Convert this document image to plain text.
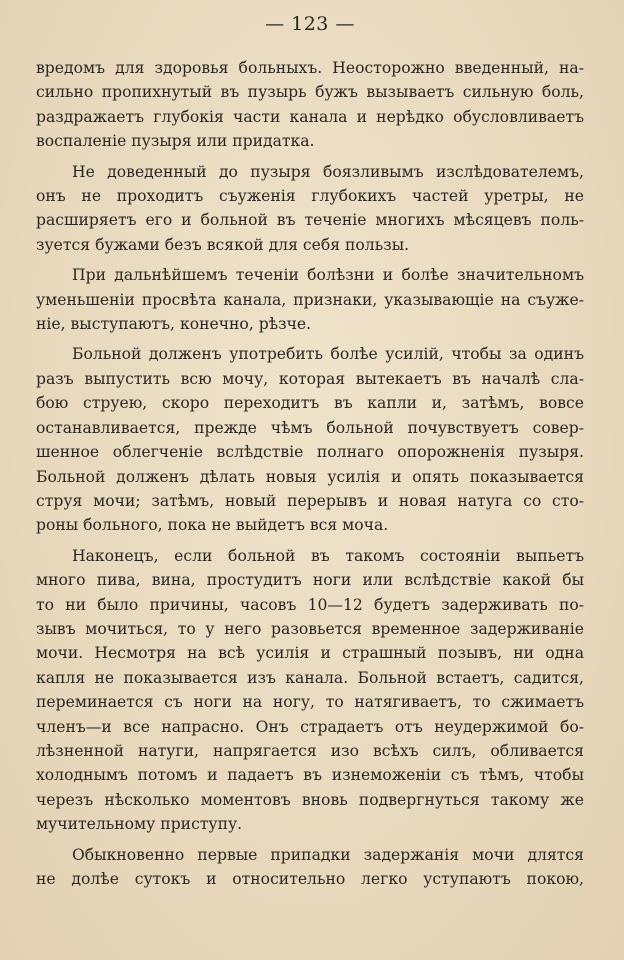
— 123 —
вредомъ для здоровья больныхъ. Неосторожно введенный, на-
сильно пропихнутый въ пузырь бужъ вызываетъ сильную боль,
раздражаетъ глубокія части канала и нерѣдко обусловливаетъ
воспаленіе пузыря или придатка.
Не доведенный до пузыря боязливымъ изслѣдователемъ,
онъ не проходитъ съуженія глубокихъ частей уретры, не
расширяетъ его и больной въ теченіе многихъ мѣсяцевъ поль-
зуется бужами безъ всякой для себя пользы.
При дальнѣйшемъ теченіи болѣзни и болѣе значительномъ
уменьшеніи просвѣта канала, признаки, указывающіе на съуже-
ніе, выступаютъ, конечно, рѣзче.
Больной долженъ употребить болѣе усилій, чтобы за одинъ
разъ выпустить всю мочу, которая вытекаетъ въ началѣ сла-
бою струею, скоро переходитъ въ капли и, затѣмъ, вовсе
останавливается, прежде чѣмъ больной почувствуетъ совер-
шенное облегченіе вслѣдствіе полнаго опорожненія пузыря.
Больной долженъ дѣлать новыя усилія и опять показывается
струя мочи; затѣмъ, новый перерывъ и новая натуга со сто-
роны больного, пока не выйдетъ вся моча.
Наконецъ, если больной въ такомъ состояніи выпьетъ
много пива, вина, простудитъ ноги или вслѣдствіе какой бы
то ни было причины, часовъ 10—12 будетъ задерживать по-
зывъ мочиться, то у него разовьется временное задерживаніе
мочи. Несмотря на всѣ усилія и страшный позывъ, ни одна
капля не показывается изъ канала. Больной встаетъ, садится,
переминается съ ноги на ногу, то натягиваетъ, то сжимаетъ
членъ—и все напрасно. Онъ страдаетъ отъ неудержимой бо-
лѣзненной натуги, напрягается изо всѣхъ силъ, обливается
холоднымъ потомъ и падаетъ въ изнеможеніи съ тѣмъ, чтобы
черезъ нѣсколько моментовъ вновь подвергнуться такому же
мучительному приступу.
Обыкновенно первые припадки задержанія мочи длятся
не долѣе сутокъ и относительно легко уступаютъ покою,
